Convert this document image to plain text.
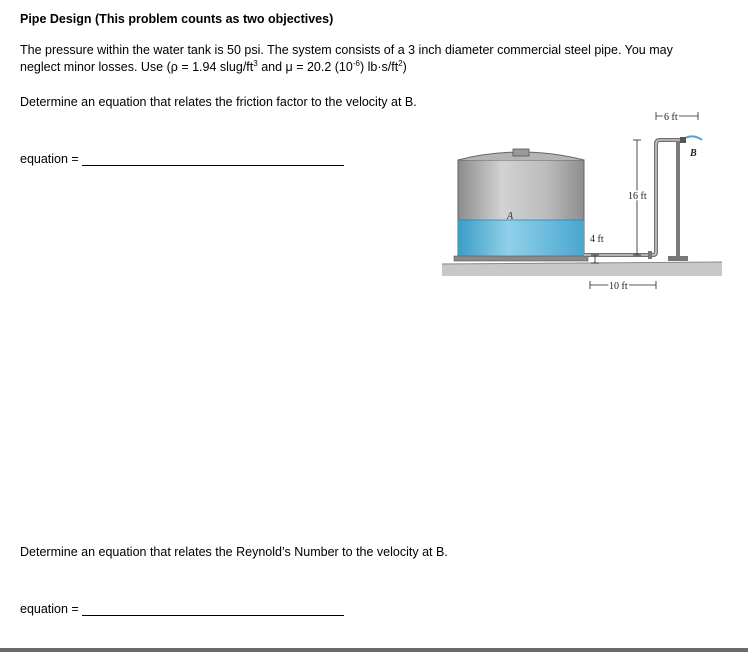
Pipe Design (This problem counts as two objectives)
The pressure within the water tank is 50 psi. The system consists of a 3 inch diameter commercial steel pipe. You may neglect minor losses. Use (ρ = 1.94 slug/$ft^3$ and μ = 20.2 $(10^{-6})$ $lb\cdot s/ft^2$)
Determine an equation that relates the friction factor to the velocity at B.
equation =
A
6 ft
B
16 ft
4 ft
10 ft
Determine an equation that relates the Reynold’s Number to the velocity at B.
equation =
